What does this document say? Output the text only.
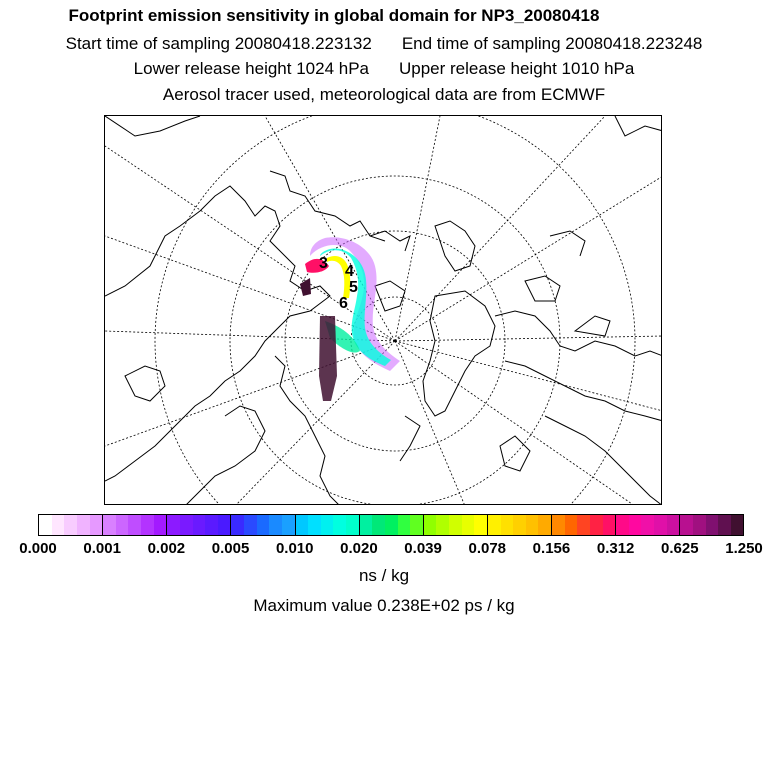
Footprint emission sensitivity in global domain for NP3_20080418
Start time of sampling 20080418.223132 End time of sampling 20080418.223248
Lower release height 1024 hPa Upper release height 1010 hPa
Aerosol tracer used, meteorological data are from ECMWF
3 4
5
6
0.000 0.001 0.002 0.005 0.010 0.020 0.039 0.078 0.156 0.312 0.625 1.250
ns / kg
Maximum value 0.238E+02 ps / kg
